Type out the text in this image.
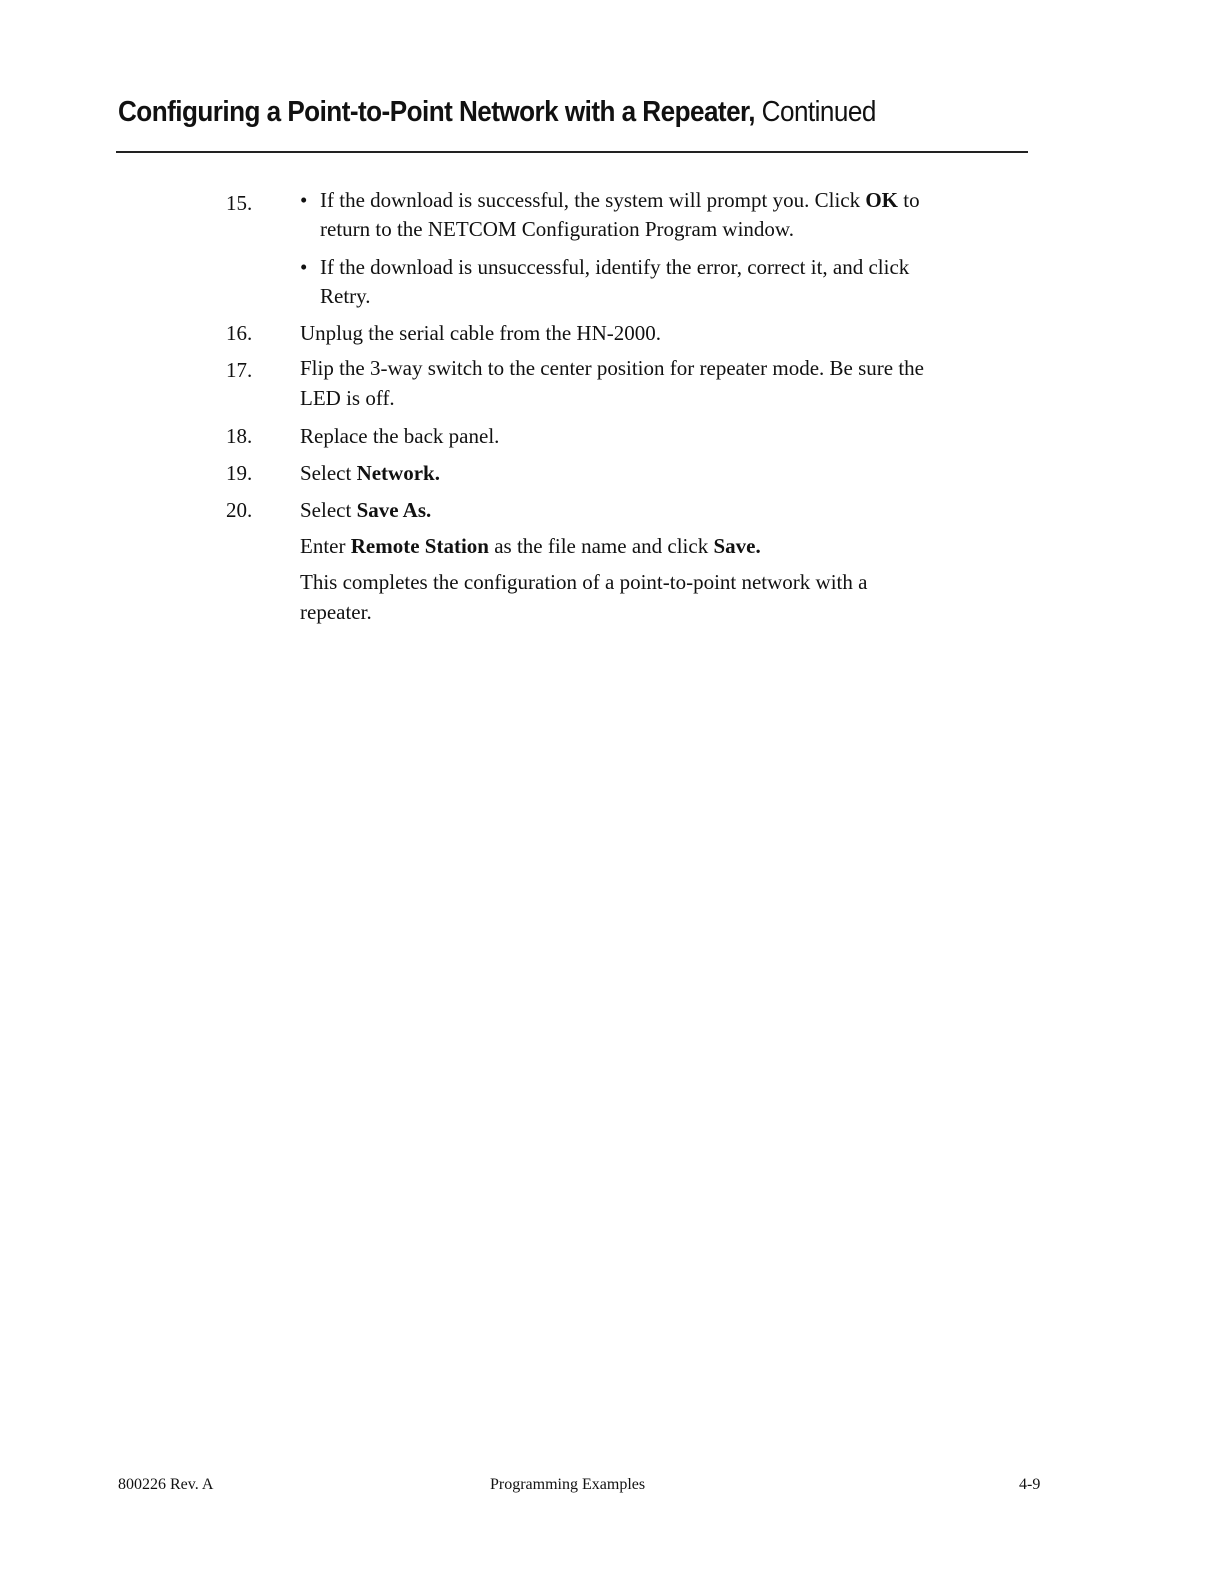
Configuring a Point-to-Point Network with a Repeater, Continued
15. • If the download is successful, the system will prompt you. Click OK to
return to the NETCOM Configuration Program window.
• If the download is unsuccessful, identify the error, correct it, and click
Retry.
16. Unplug the serial cable from the HN-2000.
17. Flip the 3-way switch to the center position for repeater mode. Be sure the
LED is off.
18. Replace the back panel.
19. Select Network.
20. Select Save As.
Enter Remote Station as the file name and click Save.
This completes the configuration of a point-to-point network with a
repeater.
800226 Rev. A	Programming Examples	4-9
